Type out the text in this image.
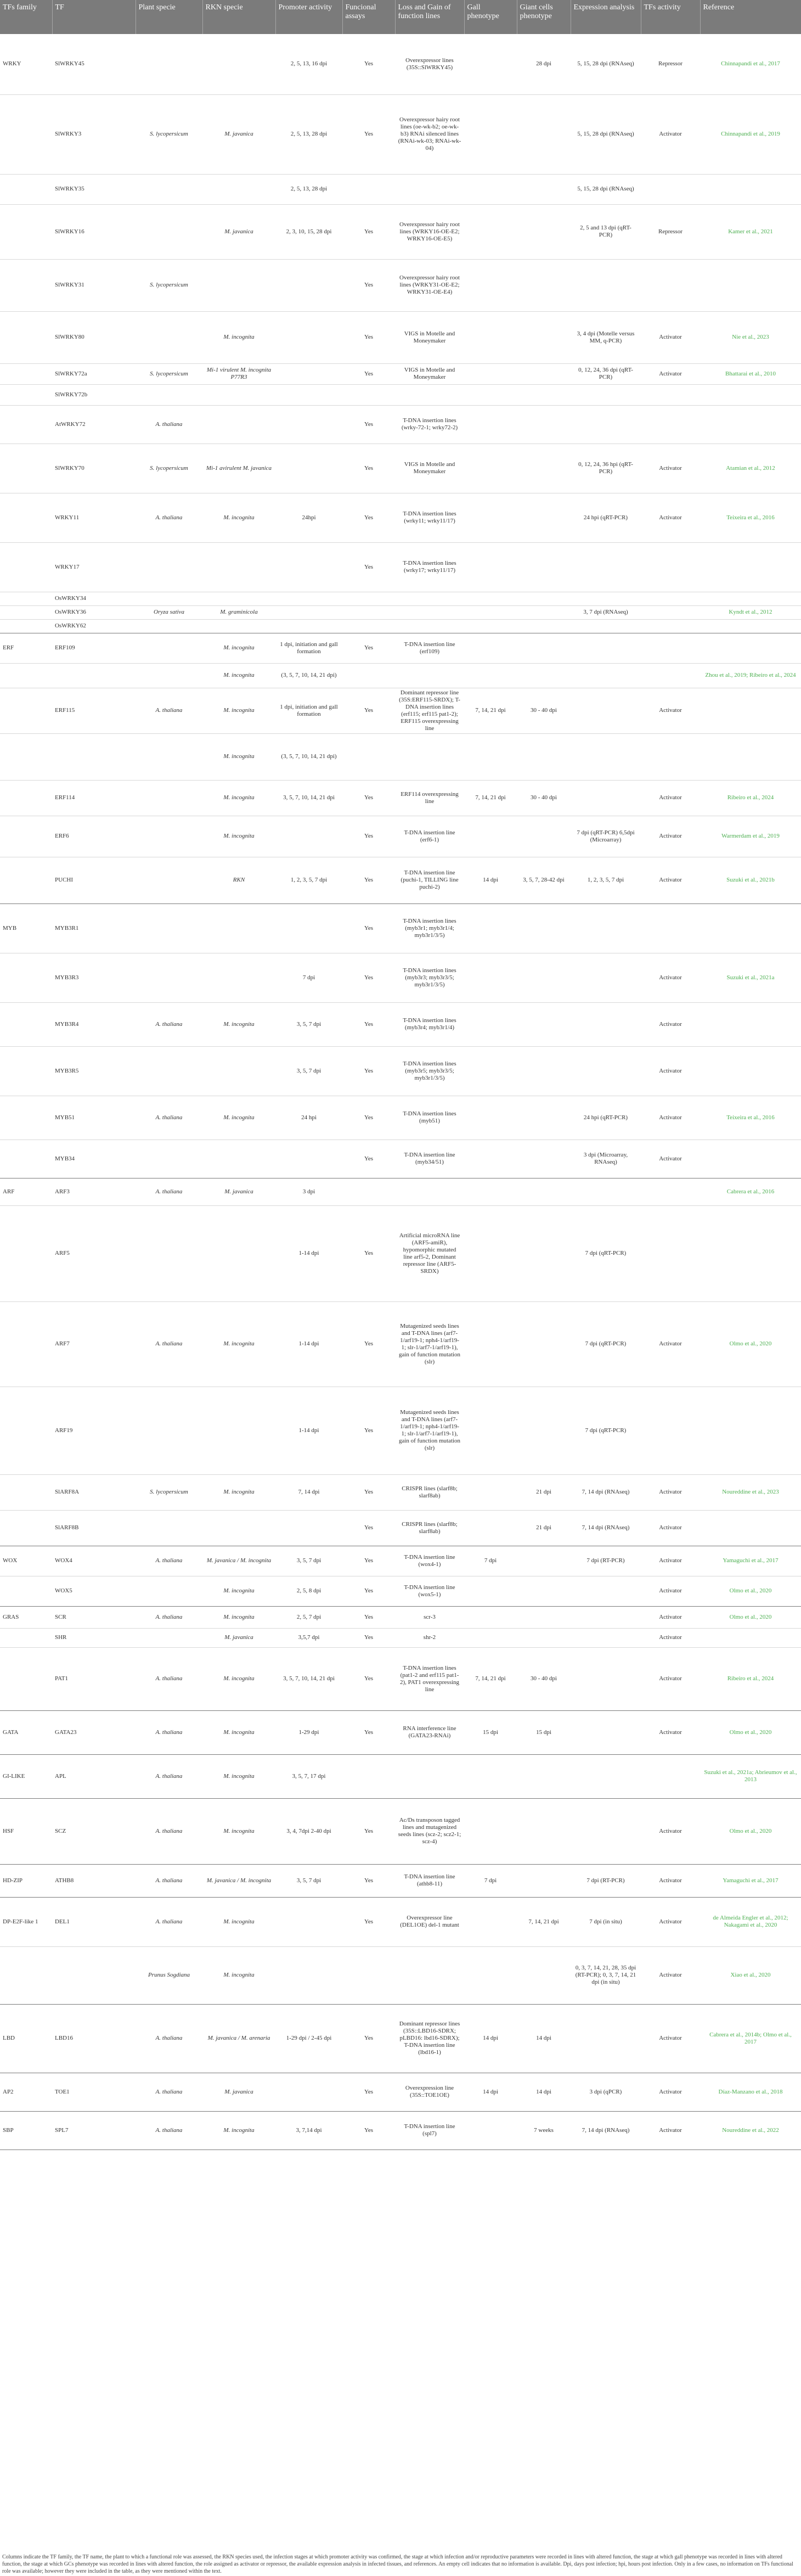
TFs family	TF	Plant specie	RKN specie	Promoter activity	Funcional assays	Loss and Gain of function lines	Gall phenotype	Giant cells phenotype	Expression analysis	TFs activity	Reference
WRKY	SlWRKY45			2, 5, 13, 16 dpi	Yes	Overexpressor lines (35S::SlWRKY45)		28 dpi	5, 15, 28 dpi (RNAseq)	Repressor	Chinnapandi et al., 2017
	SlWRKY3	S. lycopersicum	M. javanica	2, 5, 13, 28 dpi	Yes	Overexpressor hairy root lines (oe-wk-b2; oe-wk-b3) RNAi silenced lines (RNAi-wk-03; RNAi-wk-04)			5, 15, 28 dpi (RNAseq)	Activator	Chinnapandi et al., 2019
	SlWRKY35			2, 5, 13, 28 dpi					5, 15, 28 dpi (RNAseq)		
	SlWRKY16		M. javanica	2, 3, 10, 15, 28 dpi	Yes	Overexpressor hairy root lines (WRKY16-OE-E2; WRKY16-OE-E5)			2, 5 and 13 dpi (qRT-PCR)	Repressor	Kamer et al., 2021
	SlWRKY31	S. lycopersicum			Yes	Overexpressor hairy root lines (WRKY31-OE-E2; WRKY31-OE-E4)					
	SlWRKY80		M. incognita		Yes	VIGS in Motelle and Moneymaker			3, 4 dpi (Motelle versus MM, q-PCR)	Activator	Nie et al., 2023
	SlWRKY72a	S. lycopersicum	Mi-1 virulent M. incognita P77R3		Yes	VIGS in Motelle and Moneymaker			0, 12, 24, 36 dpi (qRT-PCR)	Activator	Bhattarai et al., 2010
	SlWRKY72b										
	AtWRKY72	A. thaliana			Yes	T-DNA insertion lines (wrky-72-1; wrky72-2)					
	SlWRKY70	S. lycopersicum	Mi-1 avirulent M. javanica		Yes	VIGS in Motelle and Moneymaker			0, 12, 24, 36 hpi (qRT-PCR)	Activator	Atamian et al., 2012
	WRKY11	A. thaliana	M. incognita	24hpi	Yes	T-DNA insertion lines (wrky11; wrky11/17)			24 hpi (qRT-PCR)	Activator	Teixeira et al., 2016
	WRKY17				Yes	T-DNA insertion lines (wrky17; wrky11/17)					
	OsWRKY34										
	OsWRKY36	Oryza sativa	M. graminicola						3, 7 dpi (RNAseq)		Kyndt et al., 2012
	OsWRKY62										
ERF	ERF109		M. incognita	1 dpi, initiation and gall formation	Yes	T-DNA insertion line (erf109)					
			M. incognita	(3, 5, 7, 10, 14, 21 dpi)							Zhou et al., 2019; Ribeiro et al., 2024
	ERF115	A. thaliana	M. incognita	1 dpi, initiation and gall formation	Yes	Dominant repressor line (35S:ERF115-SRDX); T-DNA insertion lines (erf115; erf115 pat1-2); ERF115 overexpressing line	7, 14, 21 dpi	30 - 40 dpi		Activator	
			M. incognita	(3, 5, 7, 10, 14, 21 dpi)							
	ERF114		M. incognita	3, 5, 7, 10, 14, 21 dpi	Yes	ERF114 overexpressing line	7, 14, 21 dpi	30 - 40 dpi		Activator	Ribeiro et al., 2024
	ERF6		M. incognita		Yes	T-DNA insertion line (erf6-1)			7 dpi (qRT-PCR) 6,5dpi (Microarray)	Activator	Warmerdam et al., 2019
	PUCHI		RKN	1, 2, 3, 5, 7 dpi	Yes	T-DNA insertion line (puchi-1, TILLING line puchi-2)	14 dpi	3, 5, 7, 28-42 dpi	1, 2, 3, 5, 7 dpi	Activator	Suzuki et al., 2021b
MYB	MYB3R1				Yes	T-DNA insertion lines (myb3r1; myb3r1/4; myb3r1/3/5)					
	MYB3R3			7 dpi	Yes	T-DNA insertion lines (myb3r3; myb3r3/5; myb3r1/3/5)				Activator	Suzuki et al., 2021a
	MYB3R4	A. thaliana	M. incognita	3, 5, 7 dpi	Yes	T-DNA insertion lines (myb3r4; myb3r1/4)				Activator	
	MYB3R5			3, 5, 7 dpi	Yes	T-DNA insertion lines (myb3r5; myb3r3/5; myb3r1/3/5)				Activator	
	MYB51	A. thaliana	M. incognita	24 hpi	Yes	T-DNA insertion lines (myb51)			24 hpi (qRT-PCR)	Activator	Teixeira et al., 2016
	MYB34				Yes	T-DNA insertion line (myb34/51)			3 dpi (Microarray, RNAseq)	Activator	
ARF	ARF3	A. thaliana	M. javanica	3 dpi							Cabrera et al., 2016
	ARF5			1-14 dpi	Yes	Artificial microRNA line (ARF5-amiR), hypomorphic mutated line arf5-2, Dominant repressor line (ARF5-SRDX)			7 dpi (qRT-PCR)		
	ARF7	A. thaliana	M. incognita	1-14 dpi	Yes	Mutagenized seeds lines and T-DNA lines (arf7-1/arf19-1; nph4-1/arf19-1; slr-1/arf7-1/arf19-1), gain of function mutation (slr)			7 dpi (qRT-PCR)	Activator	Olmo et al., 2020
	ARF19			1-14 dpi	Yes	Mutagenized seeds lines and T-DNA lines (arf7-1/arf19-1; nph4-1/arf19-1; slr-1/arf7-1/arf19-1), gain of function mutation (slr)			7 dpi (qRT-PCR)		
	SlARF8A	S. lycopersicum	M. incognita	7, 14 dpi	Yes	CRISPR lines (slarf8b; slarf8ab)		21 dpi	7, 14 dpi (RNAseq)	Activator	Noureddine et al., 2023
	SlARF8B				Yes	CRISPR lines (slarf8b; slarf8ab)		21 dpi	7, 14 dpi (RNAseq)	Activator	
WOX	WOX4	A. thaliana	M. javanica / M. incognita	3, 5, 7 dpi	Yes	T-DNA insertion line (wox4-1)	7 dpi		7 dpi (RT-PCR)	Activator	Yamaguchi et al., 2017
	WOX5		M. incognita	2, 5, 8 dpi	Yes	T-DNA insertion line (wox5-1)				Activator	Olmo et al., 2020
GRAS	SCR	A. thaliana	M. incognita	2, 5, 7 dpi	Yes	scr-3				Activator	Olmo et al., 2020
	SHR		M. javanica	3,5,7 dpi	Yes	shr-2				Activator	
	PAT1	A. thaliana	M. incognita	3, 5, 7, 10, 14, 21 dpi	Yes	T-DNA insertion lines (pat1-2 and erf115 pat1-2), PAT1 overexpressing line	7, 14, 21 dpi	30 - 40 dpi		Activator	Ribeiro et al., 2024
GATA	GATA23	A. thaliana	M. incognita	1-29 dpi	Yes	RNA interference line (GATA23-RNAi)	15 dpi	15 dpi		Activator	Olmo et al., 2020
GI-LIKE	APL	A. thaliana	M. incognita	3, 5, 7, 17 dpi							Suzuki et al., 2021a; Abrieumov et al., 2013
HSF	SCZ	A. thaliana	M. incognita	3, 4, 7dpi 2-40 dpi	Yes	Ac/Ds transposon tagged lines and mutagenized seeds lines (scz-2; scz2-1; scz-4)				Activator	Olmo et al., 2020
HD-ZIP	ATHB8	A. thaliana	M. javanica / M. incognita	3, 5, 7 dpi	Yes	T-DNA insertion line (athb8-11)	7 dpi		7 dpi (RT-PCR)	Activator	Yamaguchi et al., 2017
DP-E2F-like 1	DEL1	A. thaliana	M. incognita		Yes	Overexpressor line (DEL1OE) del-1 mutant		7, 14, 21 dpi	7 dpi (in situ)	Activator	de Almeida Engler et al., 2012; Nakagami et al., 2020
		Prunus Sogdiana	M. incognita						0, 3, 7, 14, 21, 28, 35 dpi (RT-PCR); 0, 3, 7, 14, 21 dpi (in situ)	Activator	Xiao et al., 2020
LBD	LBD16	A. thaliana	M. javanica / M. arenaria	1-29 dpi / 2-45 dpi	Yes	Dominant repressor lines (35S::LBD16-SDRX; pLBD16: lbd16-SDRX); T-DNA insertion line (lbd16-1)	14 dpi	14 dpi		Activator	Cabrera et al., 2014b; Olmo et al., 2017
AP2	TOE1	A. thaliana	M. javanica		Yes	Overexpression line (35S::TOE1OE)	14 dpi	14 dpi	3 dpi (qPCR)	Activator	Díaz-Manzano et al., 2018
SBP	SPL7	A. thaliana	M. incognita	3, 7,14 dpi	Yes	T-DNA insertion line (spl7)		7 weeks	7, 14 dpi (RNAseq)	Activator	Noureddine et al., 2022
Columns indicate the TF family, the TF name, the plant to which a functional role was assessed, the RKN species used, the infection stages at which promoter activity was confirmed, the stage at which infection and/or reproductive parameters were recorded in lines with altered function, the stage at which gall phenotype was recorded in lines with altered function, the stage at which GCs phenotype was recorded in lines with altered function, the role assigned as activator or repressor, the available expression analysis in infected tissues, and references. An empty cell indicates that no information is available. Dpi, days post infection; hpi, hours post infection. Only in a few cases, no information on TFs functional role was available; however they were included in the table, as they were mentioned within the text.
